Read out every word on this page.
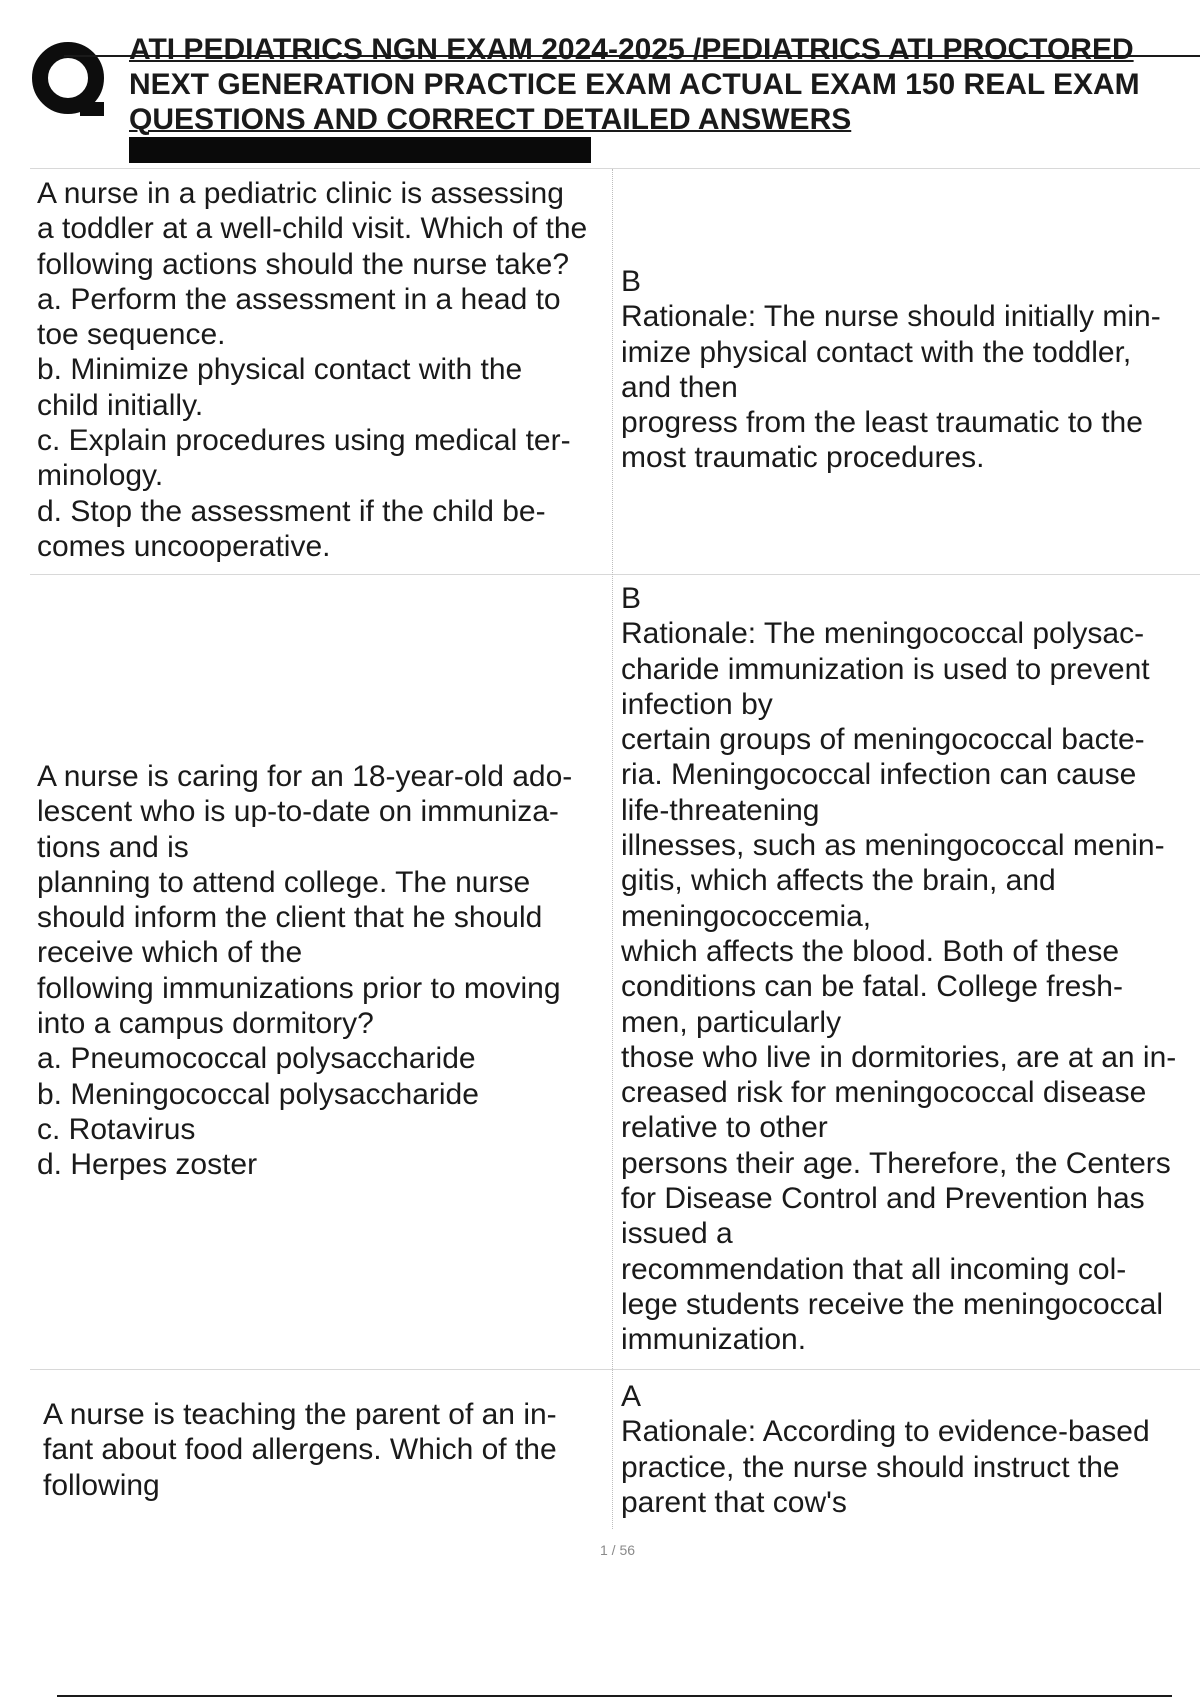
ATI PEDIATRICS NGN EXAM 2024-2025 /PEDIATRICS ATI PROCTORED
NEXT GENERATION PRACTICE EXAM ACTUAL EXAM 150 REAL EXAM
QUESTIONS AND CORRECT DETAILED ANSWERS
A nurse in a pediatric clinic is assessing
a toddler at a well-child visit. Which of the
following actions should the nurse take?
a. Perform the assessment in a head to
toe sequence.
b. Minimize physical contact with the
child initially.
c. Explain procedures using medical ter-
minology.
d. Stop the assessment if the child be-
comes uncooperative.
B
Rationale: The nurse should initially min-
imize physical contact with the toddler,
and then
progress from the least traumatic to the
most traumatic procedures.
A nurse is caring for an 18-year-old ado-
lescent who is up-to-date on immuniza-
tions and is
planning to attend college. The nurse
should inform the client that he should
receive which of the
following immunizations prior to moving
into a campus dormitory?
a. Pneumococcal polysaccharide
b. Meningococcal polysaccharide
c. Rotavirus
d. Herpes zoster
B
Rationale: The meningococcal polysac-
charide immunization is used to prevent
infection by
certain groups of meningococcal bacte-
ria. Meningococcal infection can cause
life-threatening
illnesses, such as meningococcal menin-
gitis, which affects the brain, and
meningococcemia,
which affects the blood. Both of these
conditions can be fatal. College fresh-
men, particularly
those who live in dormitories, are at an in-
creased risk for meningococcal disease
relative to other
persons their age. Therefore, the Centers
for Disease Control and Prevention has
issued a
recommendation that all incoming col-
lege students receive the meningococcal
immunization.
A nurse is teaching the parent of an in-
fant about food allergens. Which of the
following
A
Rationale: According to evidence-based
practice, the nurse should instruct the
parent that cow's
1 / 56
